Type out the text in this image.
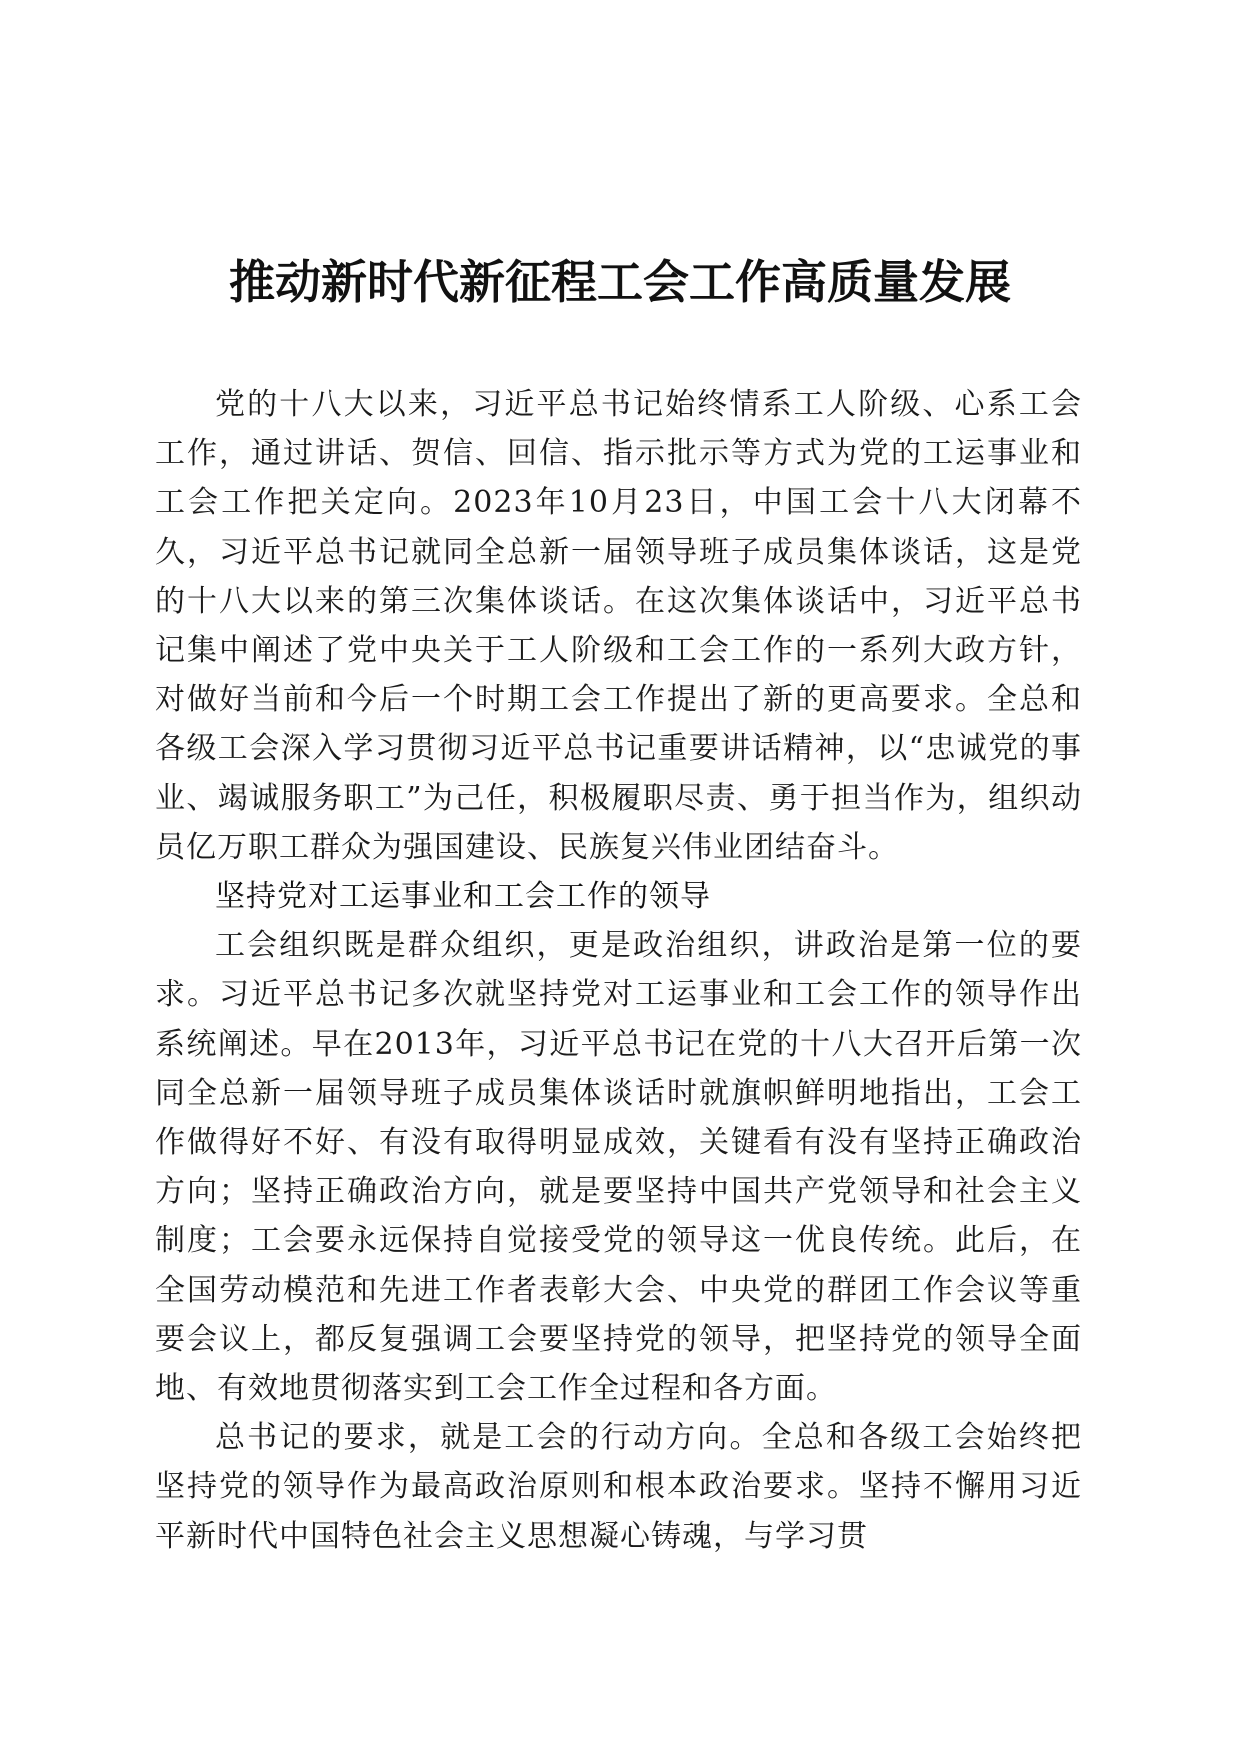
推动新时代新征程工会工作高质量发展

党的十八大以来，习近平总书记始终情系工人阶级、心系工会工作，通过讲话、贺信、回信、指示批示等方式为党的工运事业和工会工作把关定向。2023年10月23日，中国工会十八大闭幕不久，习近平总书记就同全总新一届领导班子成员集体谈话，这是党的十八大以来的第三次集体谈话。在这次集体谈话中，习近平总书记集中阐述了党中央关于工人阶级和工会工作的一系列大政方针，对做好当前和今后一个时期工会工作提出了新的更高要求。全总和各级工会深入学习贯彻习近平总书记重要讲话精神，以“忠诚党的事业、竭诚服务职工”为己任，积极履职尽责、勇于担当作为，组织动员亿万职工群众为强国建设、民族复兴伟业团结奋斗。

坚持党对工运事业和工会工作的领导

工会组织既是群众组织，更是政治组织，讲政治是第一位的要求。习近平总书记多次就坚持党对工运事业和工会工作的领导作出系统阐述。早在2013年，习近平总书记在党的十八大召开后第一次同全总新一届领导班子成员集体谈话时就旗帜鲜明地指出，工会工作做得好不好、有没有取得明显成效，关键看有没有坚持正确政治方向；坚持正确政治方向，就是要坚持中国共产党领导和社会主义制度；工会要永远保持自觉接受党的领导这一优良传统。此后，在全国劳动模范和先进工作者表彰大会、中央党的群团工作会议等重要会议上，都反复强调工会要坚持党的领导，把坚持党的领导全面地、有效地贯彻落实到工会工作全过程和各方面。

总书记的要求，就是工会的行动方向。全总和各级工会始终把坚持党的领导作为最高政治原则和根本政治要求。坚持不懈用习近平新时代中国特色社会主义思想凝心铸魂，与学习贯
